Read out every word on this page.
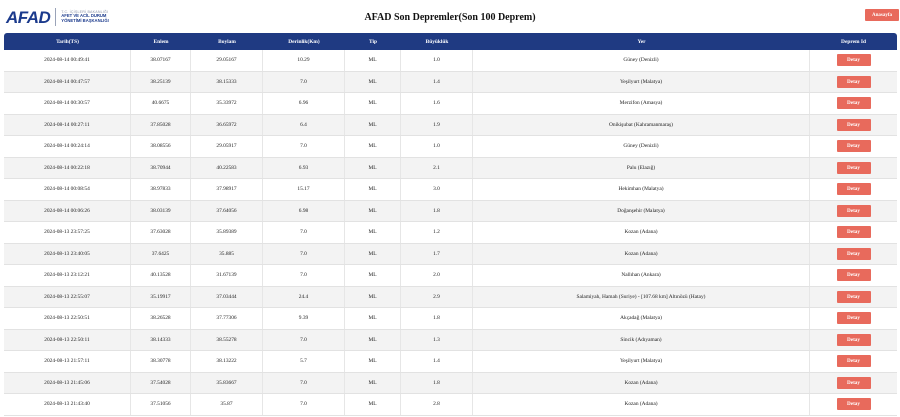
AFAD	T.C. İÇİŞLERİ BAKANLIĞI
AFET VE ACİL DURUM
YÖNETİMİ BAŞKANLIĞI	AFAD Son Depremler(Son 100 Deprem)	Anasayfa
Tarih(TS)	Enlem	Boylam	Derinlik(Km)	Tip	Büyüklük	Yer	Deprem Id
2024-08-14 00:49:41	38.07167	29.05167	10.29	ML	1.0	Güney (Denizli)	Detay
2024-08-14 00:47:57	38.25139	38.15333	7.0	ML	1.4	Yeşilyurt (Malatya)	Detay
2024-08-14 00:30:57	40.6675	35.33972	6.96	ML	1.6	Merzifon (Amasya)	Detay
2024-08-14 00:27:11	37.85028	36.65972	6.4	ML	1.9	Onikişubat (Kahramanmaraş)	Detay
2024-08-14 00:24:14	38.08556	29.05917	7.0	ML	1.0	Güney (Denizli)	Detay
2024-08-14 00:22:18	38.70944	40.22583	6.93	ML	2.1	Palu (Elazığ)	Detay
2024-08-14 00:08:54	38.97833	37.98917	15.17	ML	3.0	Hekimhan (Malatya)	Detay
2024-08-14 00:06:26	38.03139	37.64056	6.98	ML	1.8	Doğanşehir (Malatya)	Detay
2024-08-13 23:57:25	37.63028	35.89389	7.0	ML	1.2	Kozan (Adana)	Detay
2024-08-13 23:40:05	37.6425	35.885	7.0	ML	1.7	Kozan (Adana)	Detay
2024-08-13 23:12:21	40.13528	31.67139	7.0	ML	2.0	Nallıhan (Ankara)	Detay
2024-08-13 22:55:07	35.19917	37.03444	24.4	ML	2.9	Salamiyah, Hamah (Suriye) - [107.68 km] Altınözü (Hatay)	Detay
2024-08-13 22:50:51	38.26528	37.77306	9.39	ML	1.8	Akçadağ (Malatya)	Detay
2024-08-13 22:50:11	38.14333	38.55278	7.0	ML	1.3	Sincik (Adıyaman)	Detay
2024-08-13 21:57:11	38.30778	38.13222	5.7	ML	1.4	Yeşilyurt (Malatya)	Detay
2024-08-13 21:45:06	37.54028	35.83667	7.0	ML	1.8	Kozan (Adana)	Detay
2024-08-13 21:43:40	37.51056	35.87	7.0	ML	2.8	Kozan (Adana)	Detay
